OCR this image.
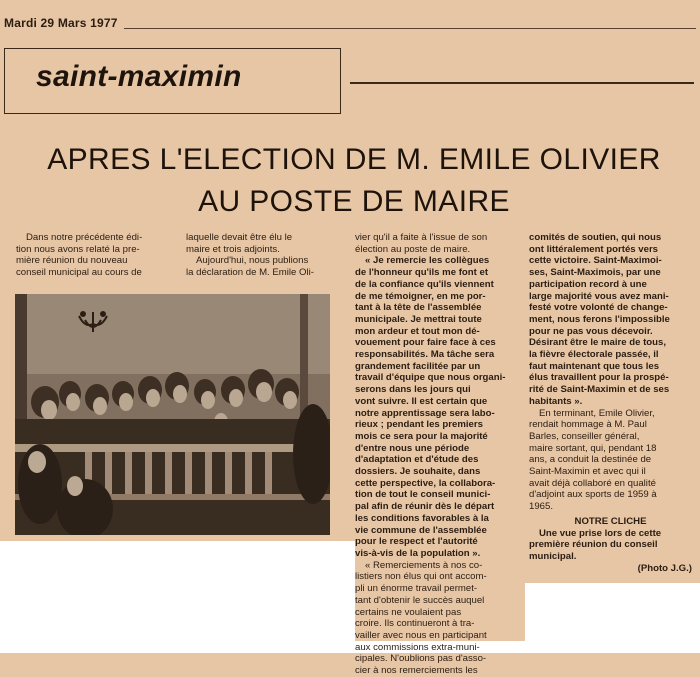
Mardi 29 Mars 1977
saint-maximin
APRES L'ELECTION DE M. EMILE OLIVIER
AU POSTE DE MAIRE
Dans notre précédente édi-
tion nous avons relaté la pre-
mière réunion du nouveau
conseil municipal au cours de
laquelle devait être élu le
maire et trois adjoints.
Aujourd'hui, nous publions
la déclaration de M. Emile Oli-
vier qu'il a faite à l'issue de son
élection au poste de maire.
« Je remercie les collègues
de l'honneur qu'ils me font et
de la confiance qu'ils viennent
de me témoigner, en me por-
tant à la tête de l'assemblée
municipale. Je mettrai toute
mon ardeur et tout mon dé-
vouement pour faire face à ces
responsabilités. Ma tâche sera
grandement facilitée par un
travail d'équipe que nous organi-
serons dans les jours qui
vont suivre. Il est certain que
notre apprentissage sera labo-
rieux ; pendant les premiers
mois ce sera pour la majorité
d'entre nous une période
d'adaptation et d'étude des
dossiers. Je souhaite, dans
cette perspective, la collabora-
tion de tout le conseil munici-
pal afin de réunir dès le départ
les conditions favorables à la
vie commune de l'assemblée
pour le respect et l'autorité
vis-à-vis de la population ».
« Remerciements à nos co-
listiers non élus qui ont accom-
pli un énorme travail permet-
tant d'obtenir le succès auquel
certains ne voulaient pas
croire. Ils continueront à tra-
vailler avec nous en participant
aux commissions extra-muni-
cipales. N'oublions pas d'asso-
cier à nos remerciements les
comités de soutien, qui nous
ont littéralement portés vers
cette victoire. Saint-Maximoi-
ses, Saint-Maximois, par une
participation record à une
large majorité vous avez mani-
festé votre volonté de change-
ment, nous ferons l'impossible
pour ne pas vous décevoir.
Désirant être le maire de tous,
la fièvre électorale passée, il
faut maintenant que tous les
élus travaillent pour la prospé-
rité de Saint-Maximin et de ses
habitants ».
En terminant, Emile Olivier,
rendait hommage à M. Paul
Barles, conseiller général,
maire sortant, qui, pendant 18
ans, a conduit la destinée de
Saint-Maximin et avec qui il
avait déjà collaboré en qualité
d'adjoint aux sports de 1959 à
1965.
NOTRE CLICHE
Une vue prise lors de cette
première réunion du conseil
municipal.
(Photo J.G.)
